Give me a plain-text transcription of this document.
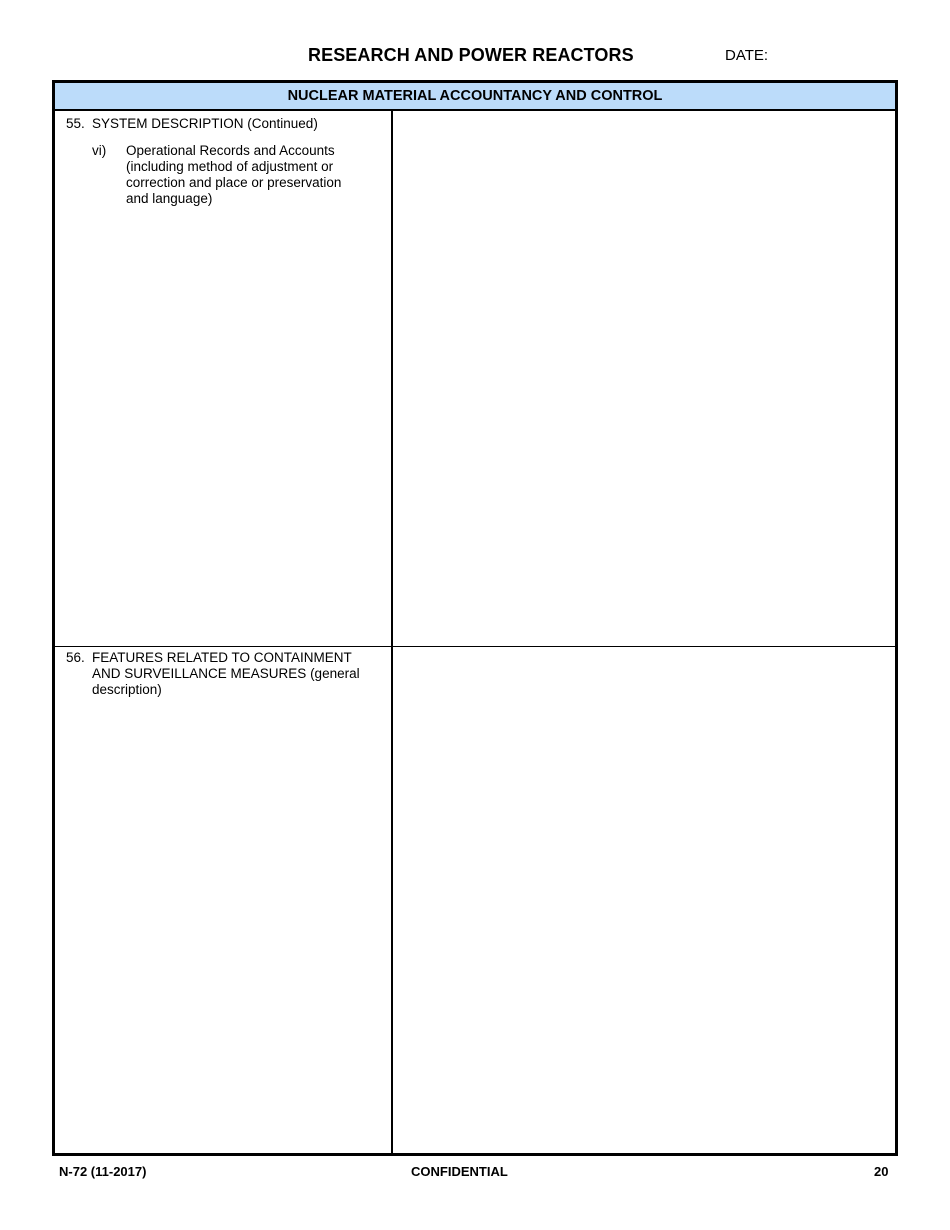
RESEARCH AND POWER REACTORS	DATE:
NUCLEAR MATERIAL ACCOUNTANCY AND CONTROL
55. SYSTEM DESCRIPTION (Continued)
vi) Operational Records and Accounts (including method of adjustment or correction and place or preservation and language)
56. FEATURES RELATED TO CONTAINMENT AND SURVEILLANCE MEASURES (general description)
N-72 (11-2017)	CONFIDENTIAL	20
